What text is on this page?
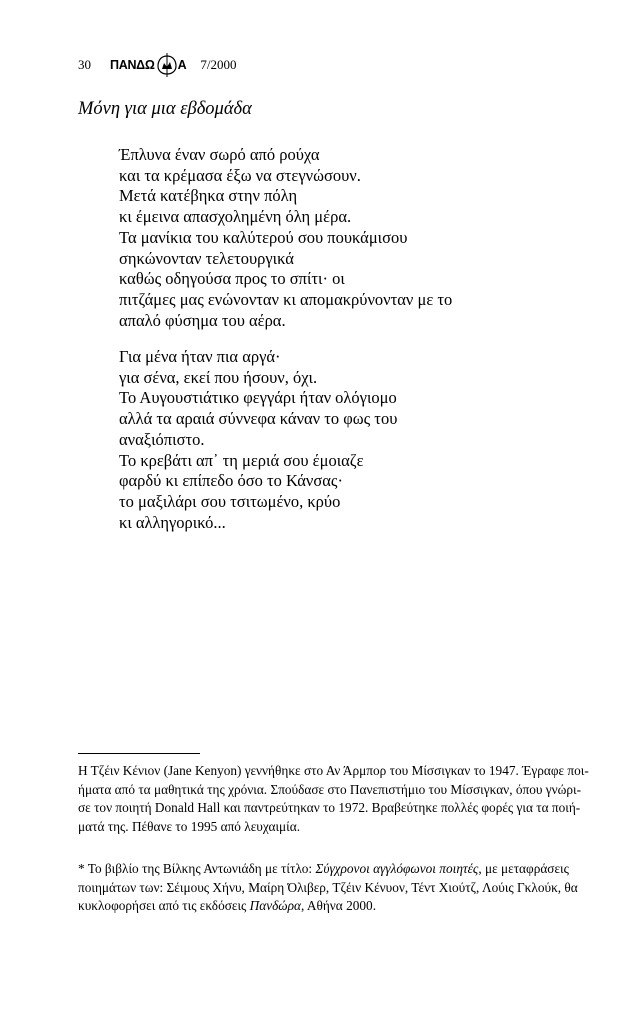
30	ΠΑΝΔΩ Α 7/2000
Μόνη για μια εβδομάδα
Έπλυνα έναν σωρό από ρούχα
και τα κρέμασα έξω να στεγνώσουν.
Μετά κατέβηκα στην πόλη
κι έμεινα απασχολημένη όλη μέρα.
Τα μανίκια του καλύτερού σου πουκάμισου
σηκώνονταν τελετουργικά
καθώς οδηγούσα προς το σπίτι· οι
πιτζάμες μας ενώνονταν κι απομακρύνονταν με το
απαλό φύσημα του αέρα.
Για μένα ήταν πια αργά·
για σένα, εκεί που ήσουν, όχι.
Το Αυγουστιάτικο φεγγάρι ήταν ολόγιομο
αλλά τα αραιά σύννεφα κάναν το φως του
αναξιόπιστο.
Το κρεβάτι απ᾽ τη μεριά σου έμοιαζε
φαρδύ κι επίπεδο όσο το Κάνσας·
το μαξιλάρι σου τσιτωμένο, κρύο
κι αλληγορικό...
Η Τζέιν Κένιον (Jane Kenyon) γεννήθηκε στο Αν Άρμπορ του Μίσσιγκαν το 1947. Έγραφε ποι-
ήματα από τα μαθητικά της χρόνια. Σπούδασε στο Πανεπιστήμιο του Μίσσιγκαν, όπου γνώρι-
σε τον ποιητή Donald Hall και παντρεύτηκαν το 1972. Βραβεύτηκε πολλές φορές για τα ποιή-
ματά της. Πέθανε το 1995 από λευχαιμία.
* Το βιβλίο της Βίλκης Αντωνιάδη με τίτλο: Σύγχρονοι αγγλόφωνοι ποιητές, με μεταφράσεις
ποιημάτων των: Σέιμους Χήνυ, Μαίρη Όλιβερ, Τζέιν Κένυον, Τέντ Χιούτζ, Λούις Γκλούκ, θα
κυκλοφορήσει από τις εκδόσεις Πανδώρα, Αθήνα 2000.
